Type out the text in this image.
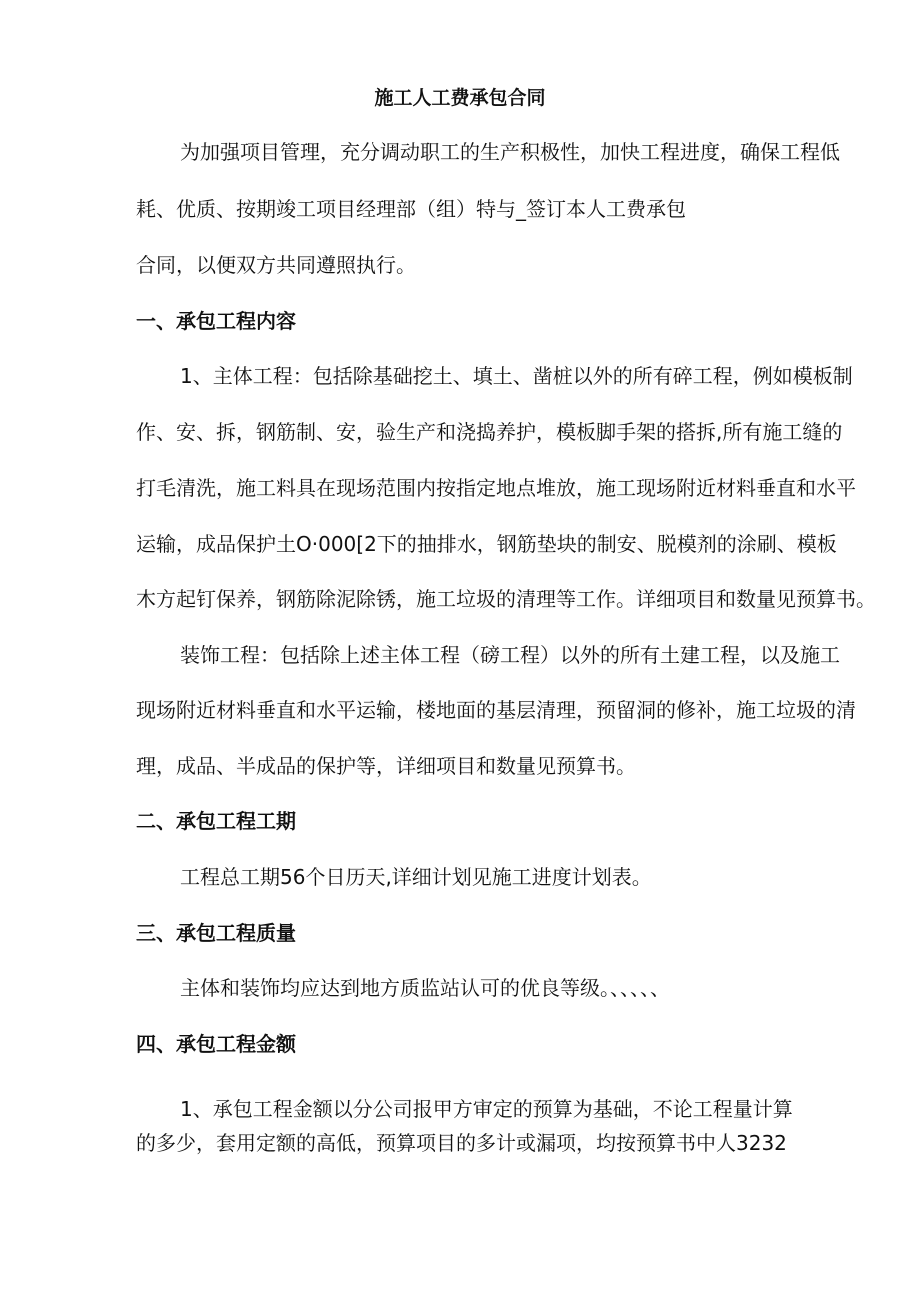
施工人工费承包合同
为加强项目管理，充分调动职工的生产积极性，加快工程进度，确保工程低
耗、优质、按期竣工项目经理部（组）特与_签订本人工费承包
合同，以便双方共同遵照执行。
一、承包工程内容
1、主体工程：包括除基础挖土、填土、凿桩以外的所有碎工程，例如模板制
作、安、拆，钢筋制、安，验生产和浇捣养护，模板脚手架的搭拆,所有施工缝的
打毛清洗，施工料具在现场范围内按指定地点堆放，施工现场附近材料垂直和水平
运输，成品保护土O·000[2下的抽排水，钢筋垫块的制安、脱模剂的涂刷、模板
木方起钉保养，钢筋除泥除锈，施工垃圾的清理等工作。详细项目和数量见预算书。
装饰工程：包括除上述主体工程（磅工程）以外的所有土建工程，以及施工
现场附近材料垂直和水平运输，楼地面的基层清理，预留洞的修补，施工垃圾的清
理，成品、半成品的保护等，详细项目和数量见预算书。
二、承包工程工期
工程总工期56个日历天,详细计划见施工进度计划表。
三、承包工程质量
主体和装饰均应达到地方质监站认可的优良等级。、、、、、
四、承包工程金额
1、承包工程金额以分公司报甲方审定的预算为基础，不论工程量计算
的多少，套用定额的高低，预算项目的多计或漏项，均按预算书中人3232
